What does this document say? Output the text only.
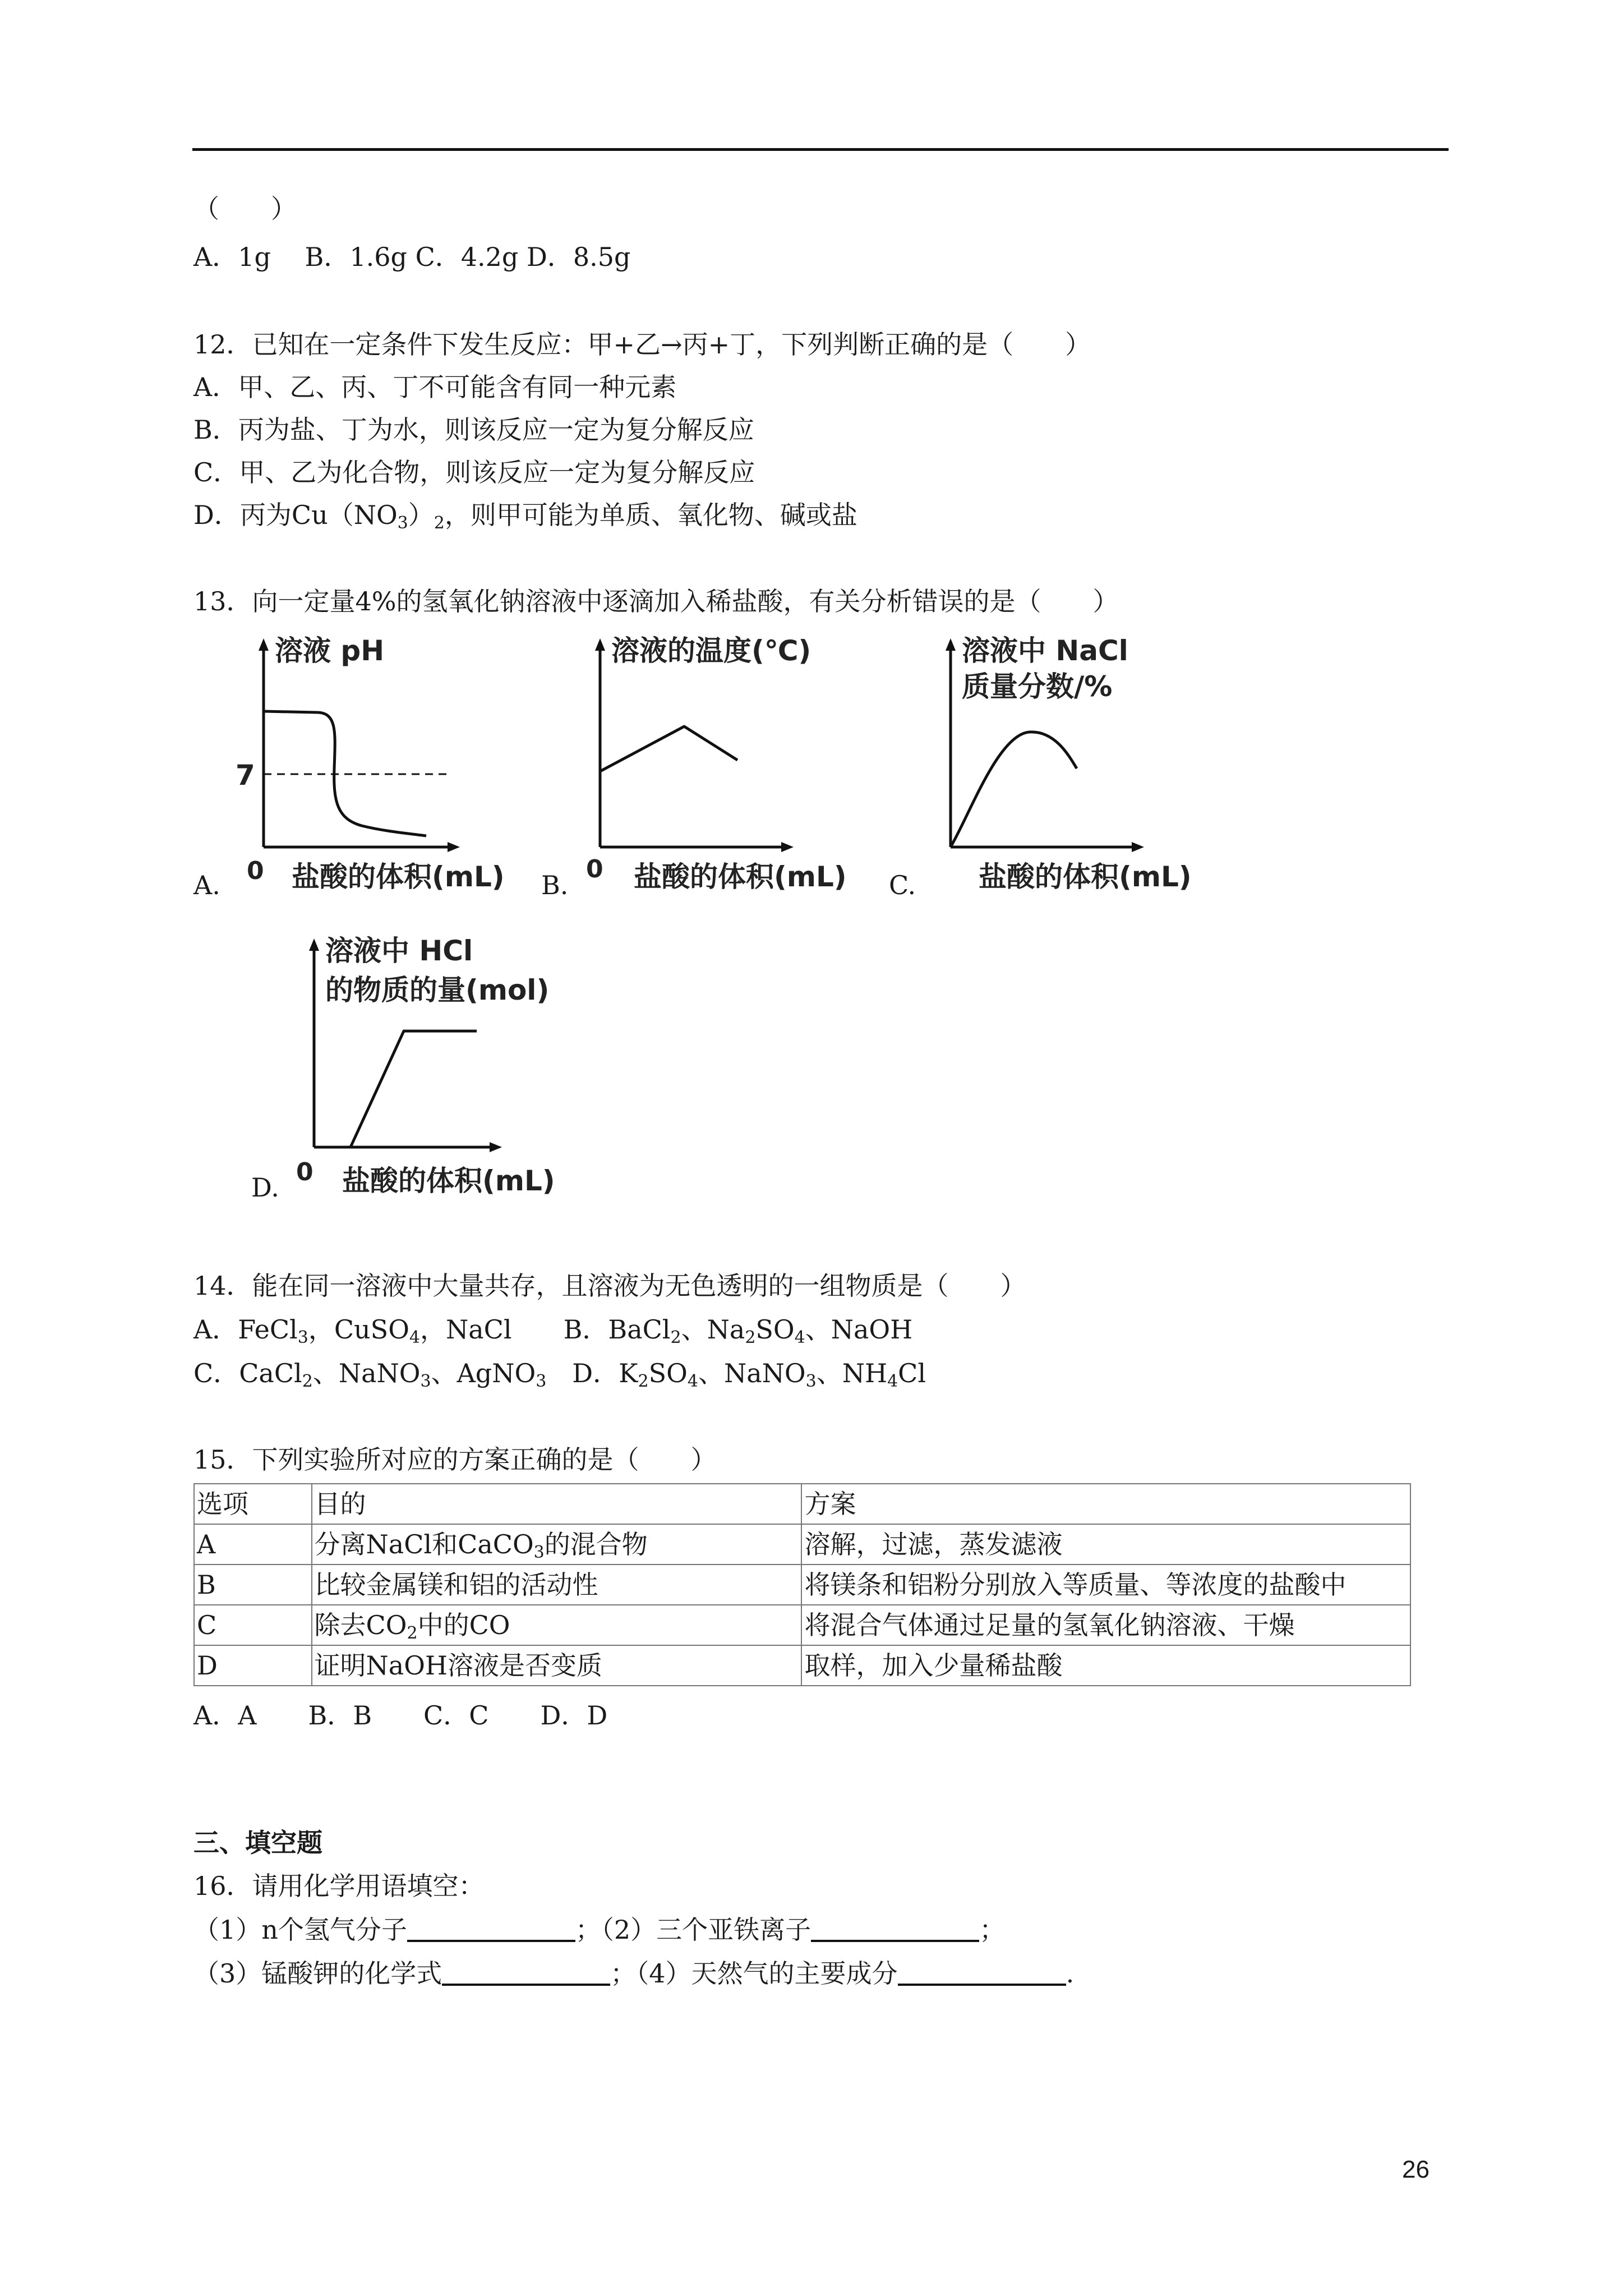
（　　）
A．1g　 B．1.6g C．4.2g D．8.5g
12．已知在一定条件下发生反应：甲+乙→丙+丁，下列判断正确的是（　　）
A．甲、乙、丙、丁不可能含有同一种元素
B．丙为盐、丁为水，则该反应一定为复分解反应
C．甲、乙为化合物，则该反应一定为复分解反应
D．丙为$Cu(NO_3)_2$，则甲可能为单质、氧化物、碱或盐
13．向一定量4%的氢氧化钠溶液中逐滴加入稀盐酸，有关分析错误的是（　　）
溶液 pH
7
0 盐酸的体积(mL)
A.
溶液的温度(℃)
0 盐酸的体积(mL)
B.
溶液中 NaCl
质量分数/%
盐酸的体积(mL)
C.
溶液中 HCl
的物质的量(mol)
0 盐酸的体积(mL)
D.
14．能在同一溶液中大量共存，且溶液为无色透明的一组物质是（　　）
A．FeCl$_3$，CuSO$_4$，NaCl　　B．BaCl$_2$、$Na_2SO_4$、NaOH
C．CaCl$_2$、NaNO$_3$、AgNO$_3$　D．$K_2SO_4$、NaNO$_3$、$NH_4Cl$
15．下列实验所对应的方案正确的是（　　）
选项	目的	方案
A	分离NaCl和CaCO$_3$的混合物	溶解，过滤，蒸发滤液
B	比较金属镁和铝的活动性	将镁条和铝粉分别放入等质量、等浓度的盐酸中
C	除去$CO_2$中的CO	将混合气体通过足量的氢氧化钠溶液、干燥
D	证明NaOH溶液是否变质	取样，加入少量稀盐酸
A．A　　B．B　　C．C　　D．D
三、填空题
16．请用化学用语填空：
（1）n个氢气分子	；（2）三个亚铁离子	；
（3）锰酸钾的化学式	；（4）天然气的主要成分	.
26
